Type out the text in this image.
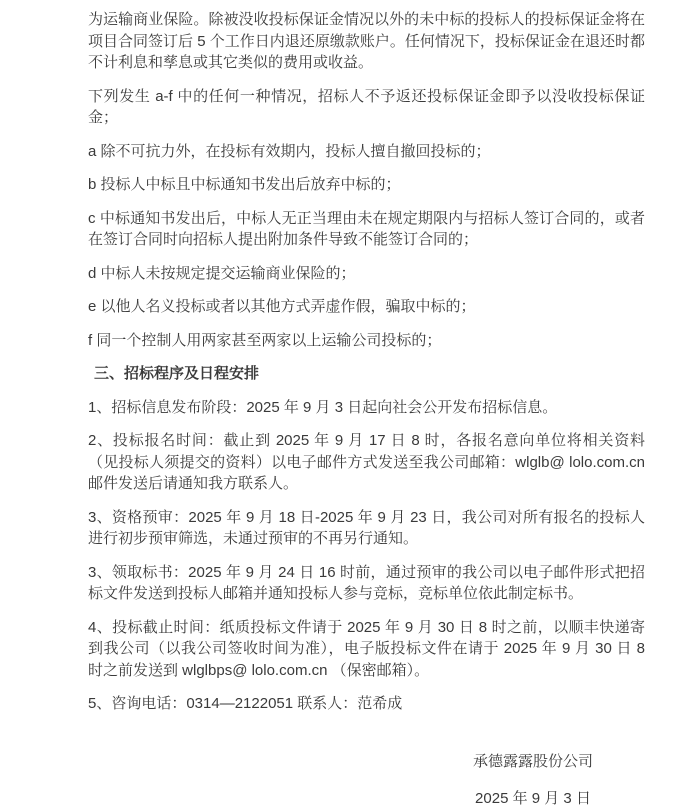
为运输商业保险。除被没收投标保证金情况以外的未中标的投标人的投标保证金将在项目合同签订后 5 个工作日内退还原缴款账户。任何情况下，投标保证金在退还时都不计利息和孳息或其它类似的费用或收益。

下列发生 a-f 中的任何一种情况，招标人不予返还投标保证金即予以没收投标保证金；

a 除不可抗力外，在投标有效期内，投标人擅自撤回投标的；

b 投标人中标且中标通知书发出后放弃中标的；

c 中标通知书发出后，中标人无正当理由未在规定期限内与招标人签订合同的，或者在签订合同时向招标人提出附加条件导致不能签订合同的；

d 中标人未按规定提交运输商业保险的；

e 以他人名义投标或者以其他方式弄虚作假，骗取中标的；

f 同一个控制人用两家甚至两家以上运输公司投标的；

三、招标程序及日程安排

1、招标信息发布阶段：2025 年 9 月 3 日起向社会公开发布招标信息。

2、投标报名时间：截止到 2025 年 9 月 17 日 8 时，各报名意向单位将相关资料（见投标人须提交的资料）以电子邮件方式发送至我公司邮箱：wlglb@ lolo.com.cn 邮件发送后请通知我方联系人。

3、资格预审：2025 年 9 月 18 日-2025 年 9 月 23 日，我公司对所有报名的投标人进行初步预审筛选，未通过预审的不再另行通知。

3、领取标书：2025 年 9 月 24 日 16 时前，通过预审的我公司以电子邮件形式把招标文件发送到投标人邮箱并通知投标人参与竞标，竞标单位依此制定标书。

4、投标截止时间：纸质投标文件请于 2025 年 9 月 30 日 8 时之前，以顺丰快递寄到我公司（以我公司签收时间为准），电子版投标文件在请于 2025 年 9 月 30 日 8 时之前发送到 wlglbps@ lolo.com.cn （保密邮箱）。

5、咨询电话：0314—2122051 联系人：范希成

承德露露股份公司

2025 年 9 月 3 日
